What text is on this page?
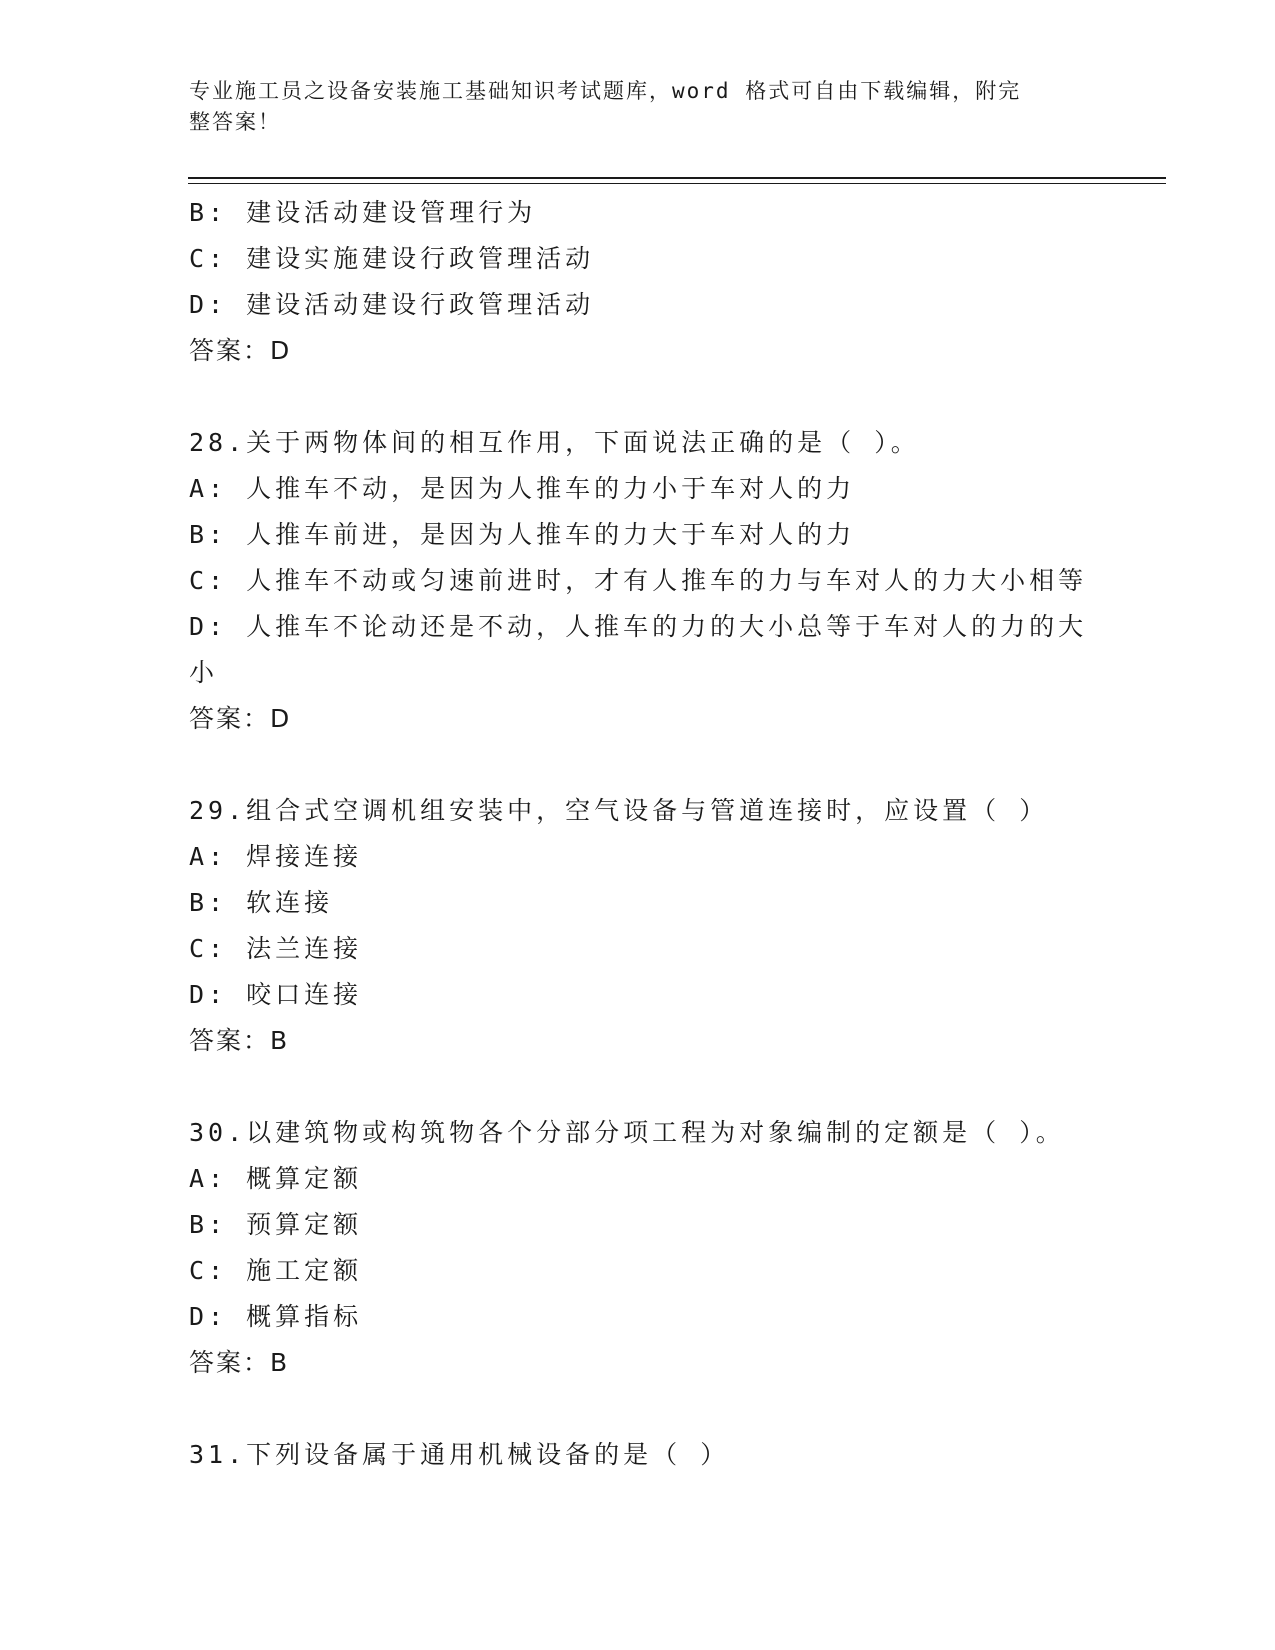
专业施工员之设备安装施工基础知识考试题库，word 格式可自由下载编辑，附完
整答案！
B: 建设活动建设管理行为
C: 建设实施建设行政管理活动
D: 建设活动建设行政管理活动
答案：D
28.关于两物体间的相互作用，下面说法正确的是（ ）。
A: 人推车不动，是因为人推车的力小于车对人的力
B: 人推车前进，是因为人推车的力大于车对人的力
C: 人推车不动或匀速前进时，才有人推车的力与车对人的力大小相等
D: 人推车不论动还是不动，人推车的力的大小总等于车对人的力的大
小
答案：D
29.组合式空调机组安装中，空气设备与管道连接时，应设置（ ）
A: 焊接连接
B: 软连接
C: 法兰连接
D: 咬口连接
答案：B
30.以建筑物或构筑物各个分部分项工程为对象编制的定额是（ ）。
A: 概算定额
B: 预算定额
C: 施工定额
D: 概算指标
答案：B
31.下列设备属于通用机械设备的是（ ）
